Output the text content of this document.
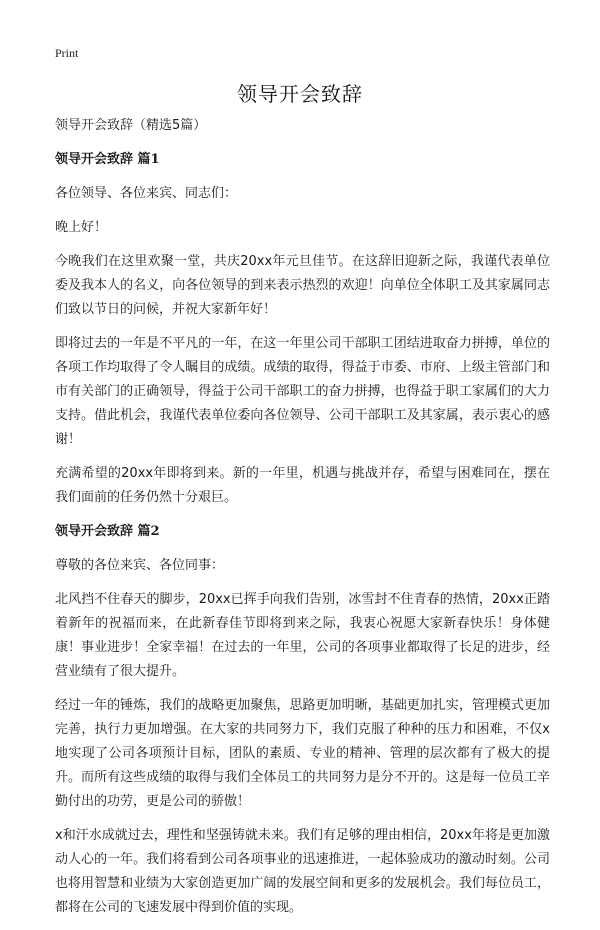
Print
领导开会致辞

领导开会致辞（精选5篇）

领导开会致辞 篇1

各位领导、各位来宾、同志们：

晚上好！

今晚我们在这里欢聚一堂，共庆20xx年元旦佳节。在这辞旧迎新之际，我谨代表单位委及我本人的名义，向各位领导的到来表示热烈的欢迎！向单位全体职工及其家属同志们致以节日的问候，并祝大家新年好！

即将过去的一年是不平凡的一年，在这一年里公司干部职工团结进取奋力拼搏，单位的各项工作均取得了令人瞩目的成绩。成绩的取得，得益于市委、市府、上级主管部门和市有关部门的正确领导，得益于公司干部职工的奋力拼搏，也得益于职工家属们的大力支持。借此机会，我谨代表单位委向各位领导、公司干部职工及其家属，表示衷心的感谢！

充满希望的20xx年即将到来。新的一年里，机遇与挑战并存，希望与困难同在，摆在我们面前的任务仍然十分艰巨。

领导开会致辞 篇2

尊敬的各位来宾、各位同事：

北风挡不住春天的脚步，20xx已挥手向我们告别，冰雪封不住青春的热情，20xx正踏着新年的祝福而来，在此新春佳节即将到来之际，我衷心祝愿大家新春快乐！身体健康！事业进步！全家幸福！在过去的一年里，公司的各项事业都取得了长足的进步，经营业绩有了很大提升。

经过一年的锤炼，我们的战略更加聚焦，思路更加明晰，基础更加扎实，管理模式更加完善，执行力更加增强。在大家的共同努力下，我们克服了种种的压力和困难，不仅x地实现了公司各项预计目标，团队的素质、专业的精神、管理的层次都有了极大的提升。而所有这些成绩的取得与我们全体员工的共同努力是分不开的。这是每一位员工辛勤付出的功劳，更是公司的骄傲！

x和汗水成就过去，理性和坚强铸就未来。我们有足够的理由相信，20xx年将是更加激动人心的一年。我们将看到公司各项事业的迅速推进，一起体验成功的激动时刻。公司也将用智慧和业绩为大家创造更加广阔的发展空间和更多的发展机会。我们每位员工，都将在公司的飞速发展中得到价值的实现。
